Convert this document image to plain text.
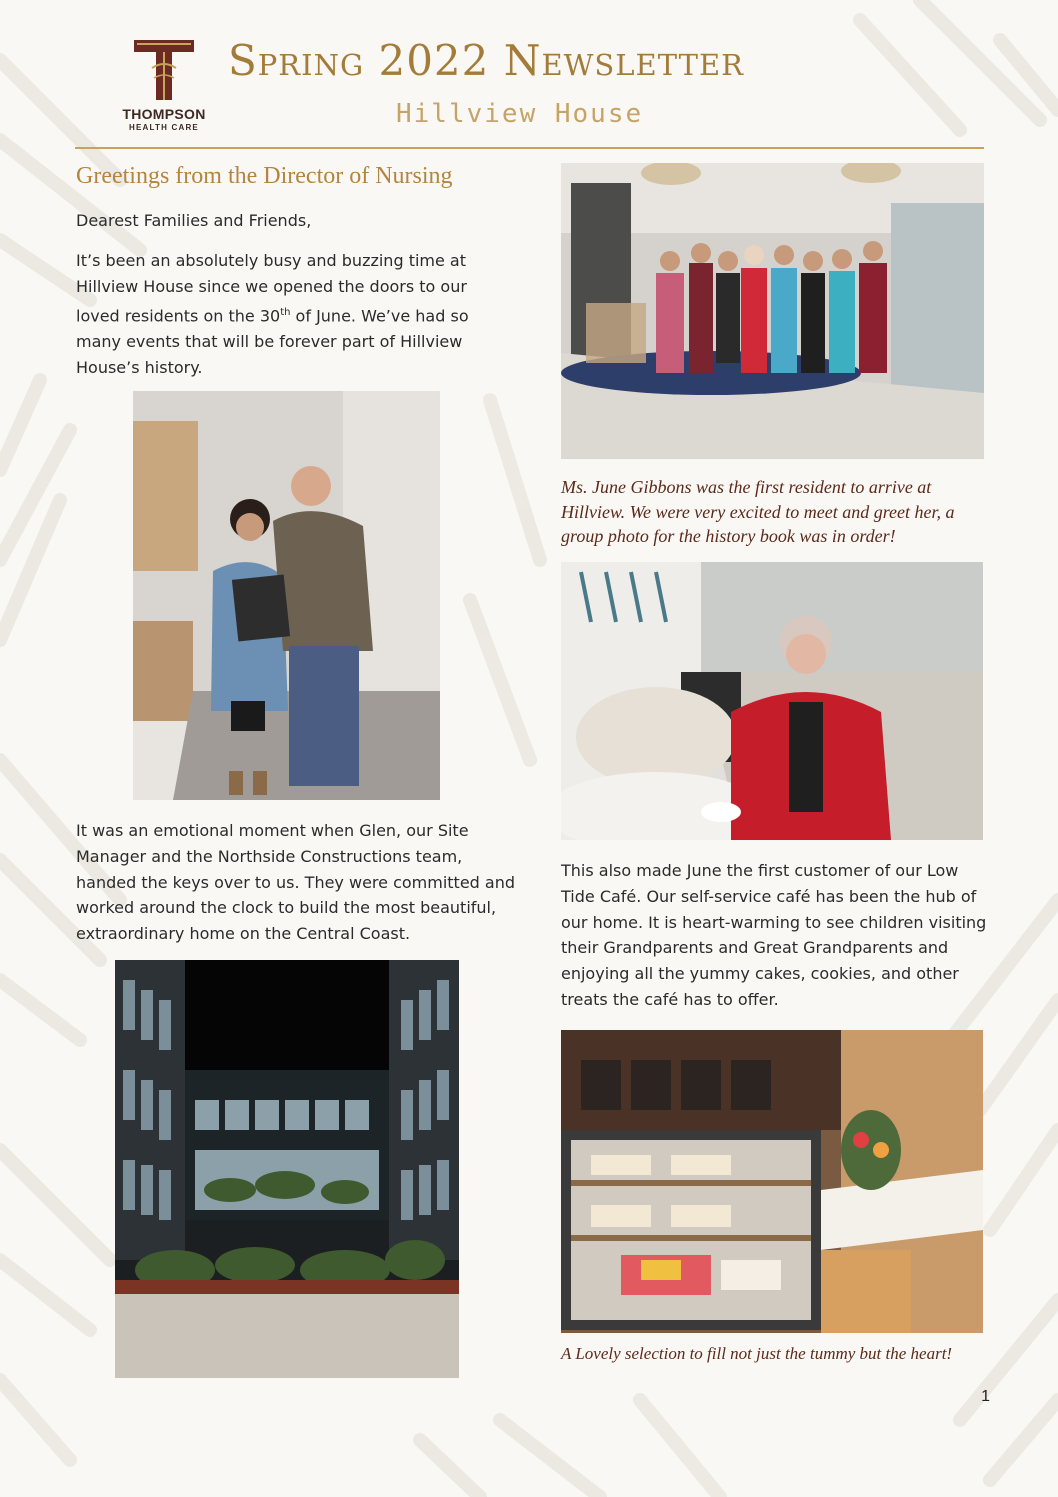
THOMPSON
HEALTH CARE
Spring 2022 Newsletter
Hillview House
Greetings from the Director of Nursing

Dearest Families and Friends,

It’s been an absolutely busy and buzzing time at Hillview House since we opened the doors to our loved residents on the 30th of June. We’ve had so many events that will be forever part of Hillview House’s history.

It was an emotional moment when Glen, our Site Manager and the Northside Constructions team, handed the keys over to us. They were committed and worked around the clock to build the most beautiful, extraordinary home on the Central Coast.

Ms. June Gibbons was the first resident to arrive at Hillview. We were very excited to meet and greet her, a group photo for the history book was in order!

This also made June the first customer of our Low Tide Café. Our self-service café has been the hub of our home. It is heart-warming to see children visiting their Grandparents and Great Grandparents and enjoying all the yummy cakes, cookies, and other treats the café has to offer.

A Lovely selection to fill not just the tummy but the heart!

1
